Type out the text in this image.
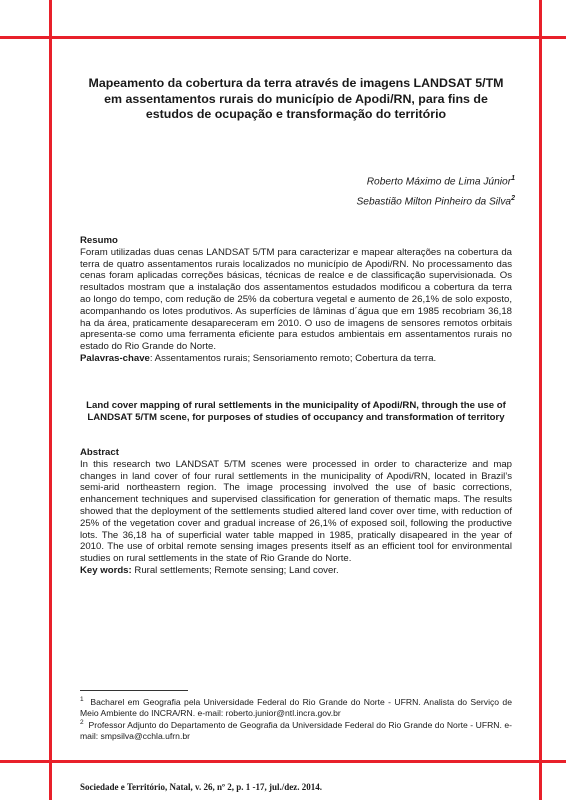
Mapeamento da cobertura da terra através de imagens LANDSAT 5/TM em assentamentos rurais do município de Apodi/RN, para fins de estudos de ocupação e transformação do território
Roberto Máximo de Lima Júnior$^1$
Sebastião Milton Pinheiro da Silva$^2$
Resumo
Foram utilizadas duas cenas LANDSAT 5/TM para caracterizar e mapear alterações na cobertura da terra de quatro assentamentos rurais localizados no município de Apodi/RN. No processamento das cenas foram aplicadas correções básicas, técnicas de realce e de classificação supervisionada. Os resultados mostram que a instalação dos assentamentos estudados modificou a cobertura da terra ao longo do tempo, com redução de 25% da cobertura vegetal e aumento de 26,1% de solo exposto, acompanhando os lotes produtivos. As superfícies de lâminas d´água que em 1985 recobriam 36,18 ha da área, praticamente desapareceram em 2010. O uso de imagens de sensores remotos orbitais apresenta-se como uma ferramenta eficiente para estudos ambientais em assentamentos rurais no estado do Rio Grande do Norte.
Palavras-chave: Assentamentos rurais; Sensoriamento remoto; Cobertura da terra.
Land cover mapping of rural settlements in the municipality of Apodi/RN, through the use of LANDSAT 5/TM scene, for purposes of studies of occupancy and transformation of territory
Abstract
In this research two LANDSAT 5/TM scenes were processed in order to characterize and map changes in land cover of four rural settlements in the municipality of Apodi/RN, located in Brazil’s semi-arid northeastern region. The image processing involved the use of basic corrections, enhancement techniques and supervised classification for generation of thematic maps. The results showed that the deployment of the settlements studied altered land cover over time, with reduction of 25% of the vegetation cover and gradual increase of 26,1% of exposed soil, following the productive lots. The 36,18 ha of superficial water table mapped in 1985, pratically disapeared in the year of 2010. The use of orbital remote sensing images presents itself as an efficient tool for environmental studies on rural settlements in the state of Rio Grande do Norte.
Key words: Rural settlements; Remote sensing; Land cover.
$^1$ Bacharel em Geografia pela Universidade Federal do Rio Grande do Norte - UFRN. Analista do Serviço de Meio Ambiente do INCRA/RN. e-mail: roberto.junior@ntl.incra.gov.br
$^2$ Professor Adjunto do Departamento de Geografia da Universidade Federal do Rio Grande do Norte - UFRN. e-mail: smpsilva@cchla.ufrn.br
Sociedade e Território, Natal, v. 26, nº 2, p. 1 -17, jul./dez. 2014.
